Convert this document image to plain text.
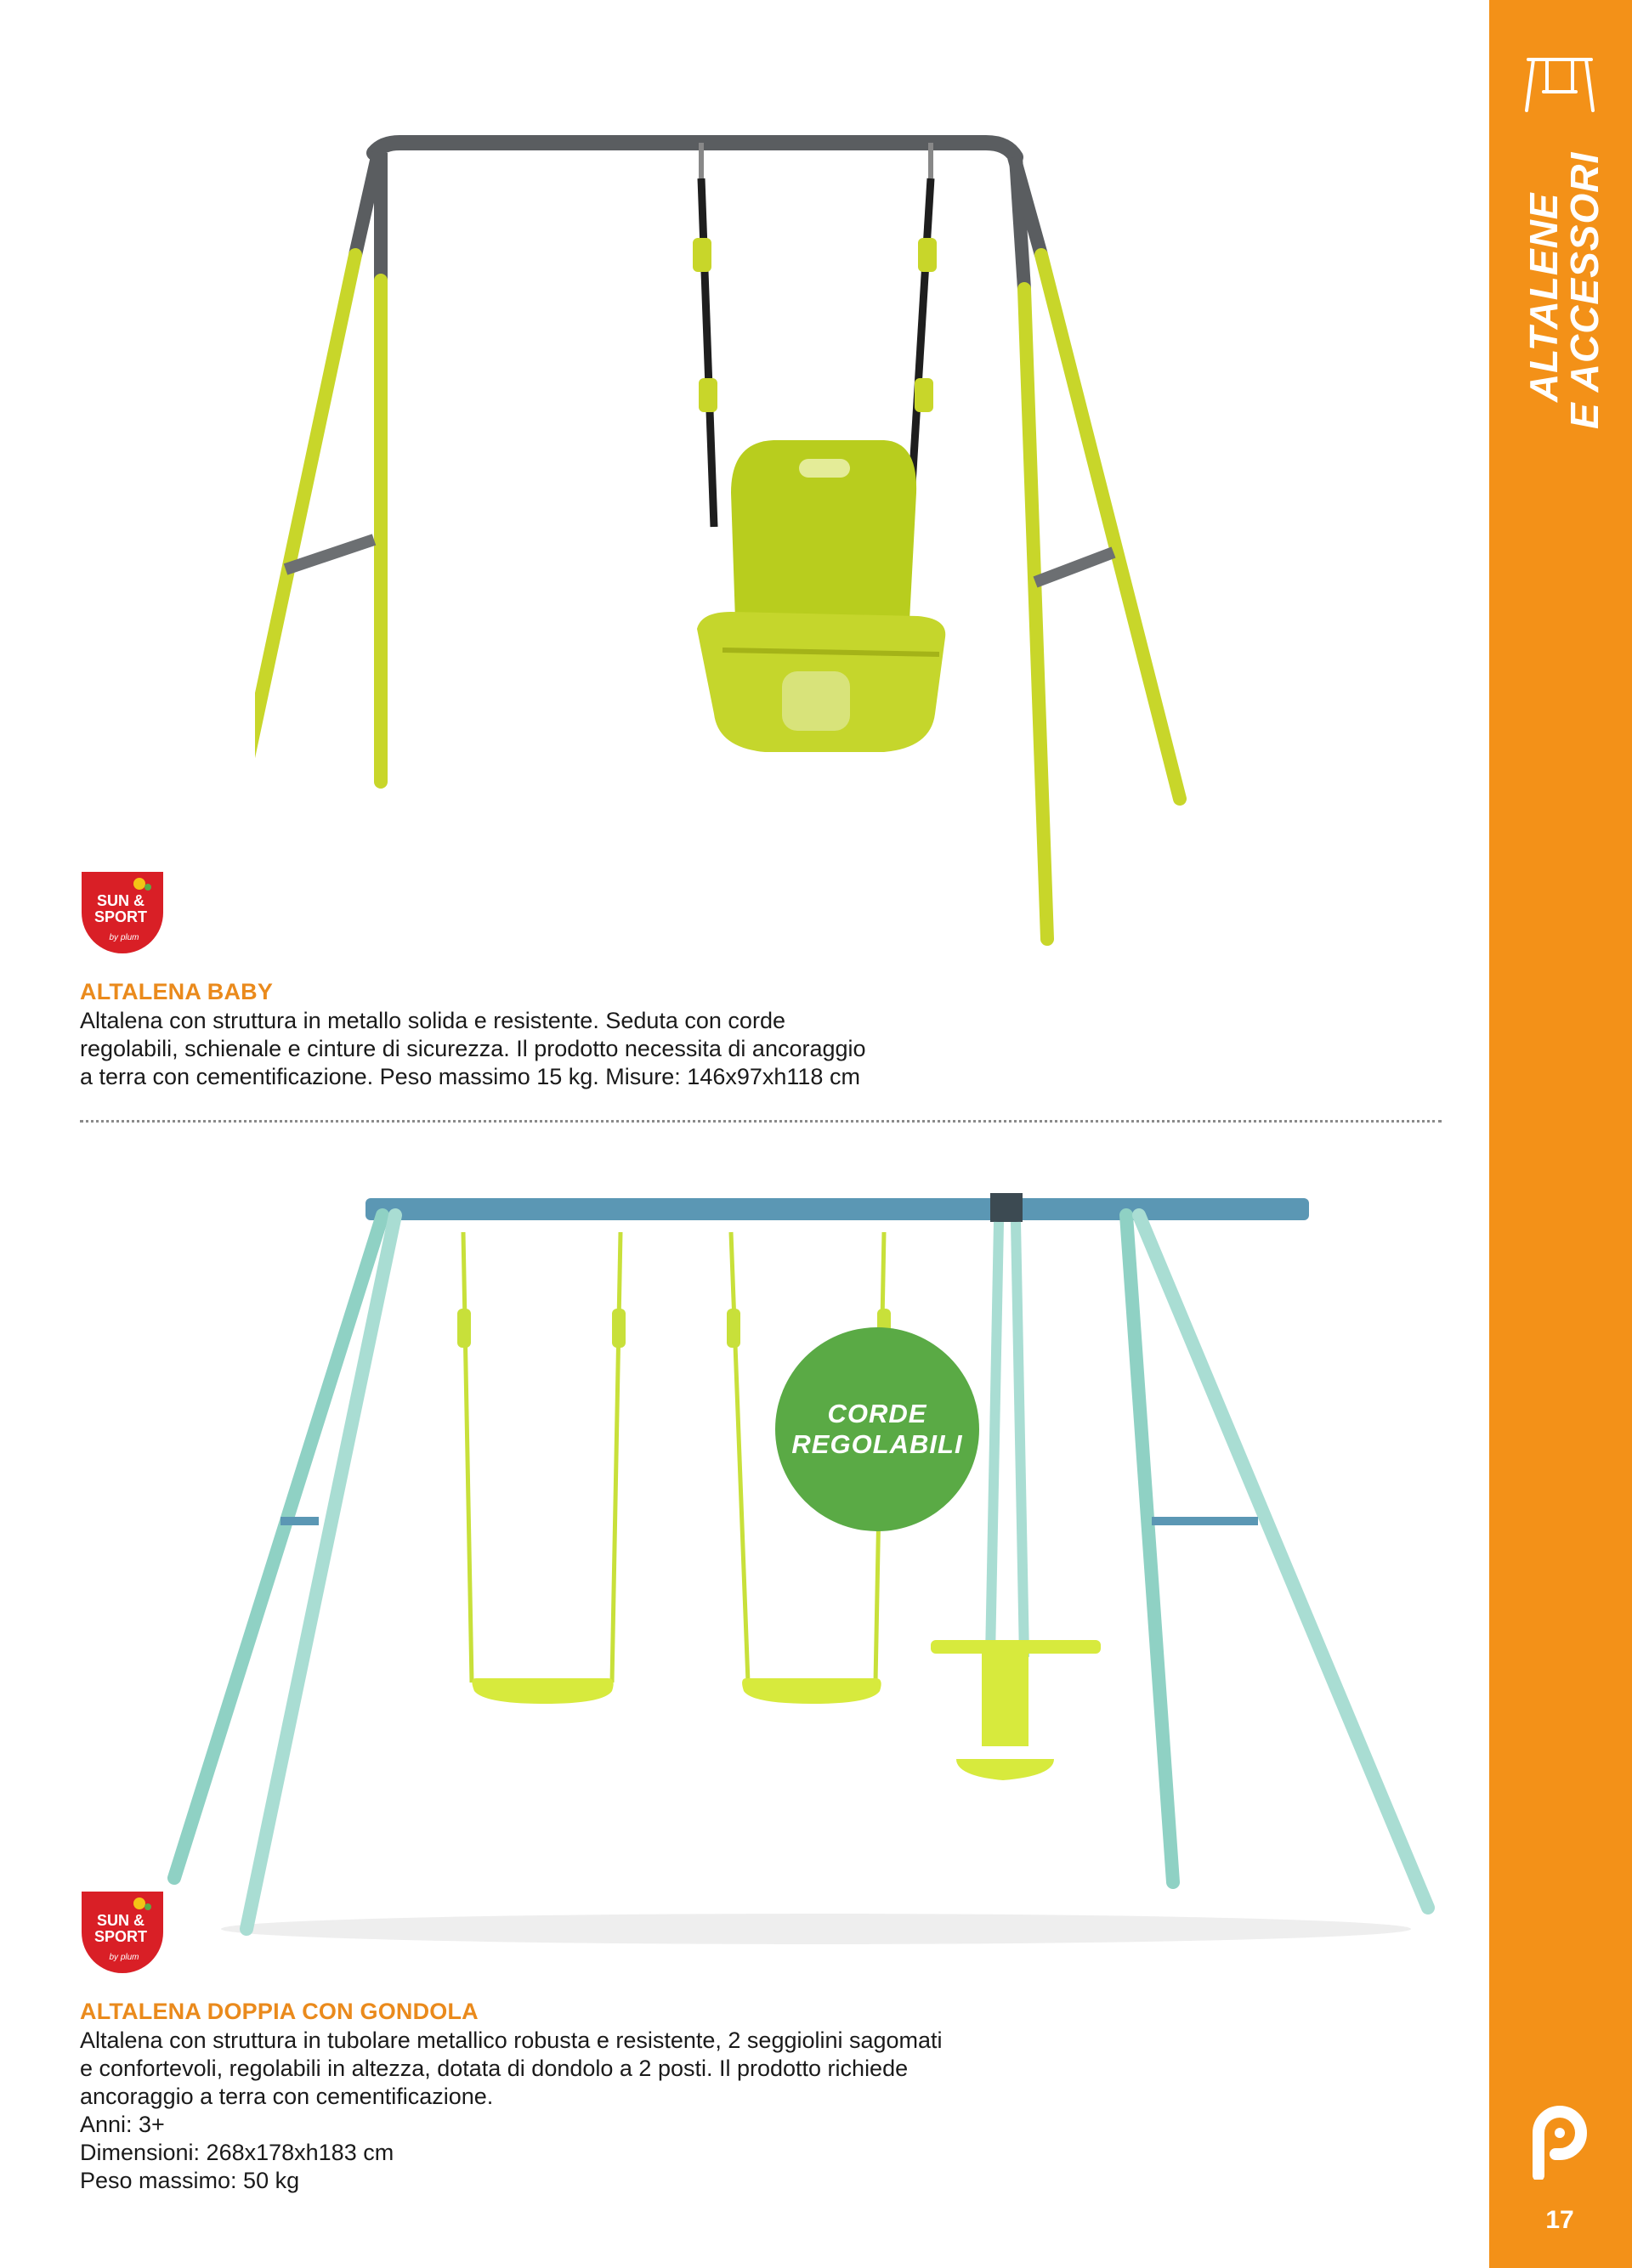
ALTALENE
E ACCESSORI
17
SUN &
SPORT
by plum
ALTALENA BABY
Altalena con struttura in metallo solida e resistente. Seduta con corde
regolabili, schienale e cinture di sicurezza. Il prodotto necessita di ancoraggio
a terra con cementificazione. Peso massimo 15 kg. Misure: 146x97xh118 cm
CORDE
REGOLABILI
SUN &
SPORT
by plum
ALTALENA DOPPIA CON GONDOLA
Altalena con struttura in tubolare metallico robusta e resistente, 2 seggiolini sagomati
e confortevoli, regolabili in altezza, dotata di dondolo a 2 posti. Il prodotto richiede
ancoraggio a terra con cementificazione.
Anni: 3+
Dimensioni: 268x178xh183 cm
Peso massimo: 50 kg
